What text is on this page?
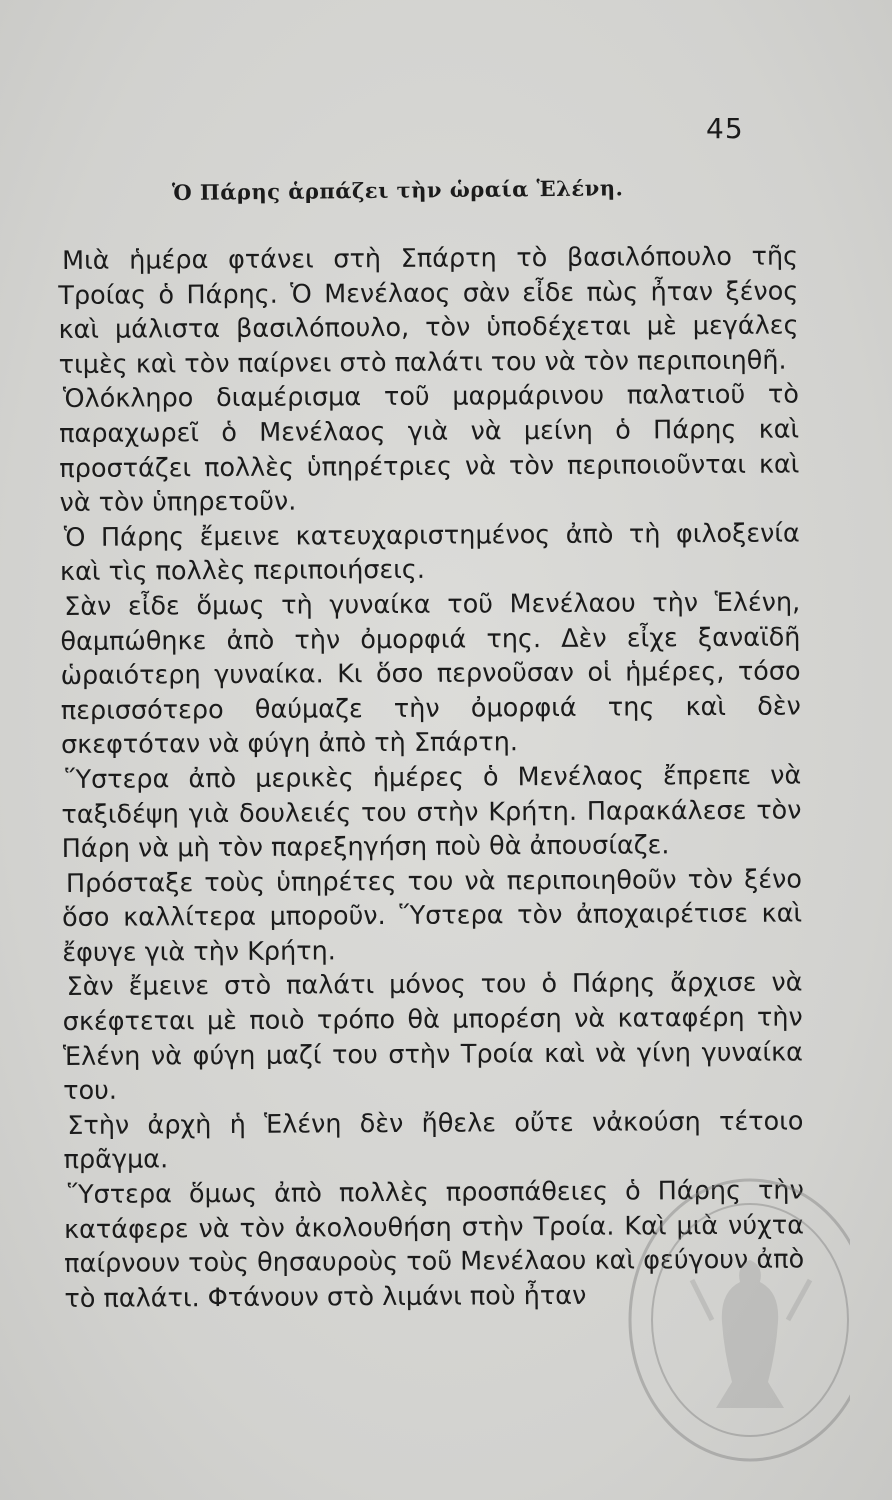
45
Ὁ Πάρης ἁρπάζει τὴν ὡραία Ἑλένη.

Μιὰ ἡμέρα φτάνει στὴ Σπάρτη τὸ βασιλόπουλο τῆς Τροίας ὁ Πάρης. Ὁ Μενέλαος σὰν εἶδε πὼς ἦταν ξένος καὶ μάλιστα βασιλόπουλο, τὸν ὑποδέχεται μὲ μεγάλες τιμὲς καὶ τὸν παίρνει στὸ παλάτι του νὰ τὸν περιποιηθῆ.

Ὁλόκληρο διαμέρισμα τοῦ μαρμάρινου παλατιοῦ τὸ παραχωρεῖ ὁ Μενέλαος γιὰ νὰ μείνη ὁ Πάρης καὶ προστάζει πολλὲς ὑπηρέτριες νὰ τὸν περιποιοῦνται καὶ νὰ τὸν ὑπηρετοῦν.

Ὁ Πάρης ἔμεινε κατευχαριστημένος ἀπὸ τὴ φιλοξενία καὶ τὶς πολλὲς περιποιήσεις.

Σὰν εἶδε ὅμως τὴ γυναίκα τοῦ Μενέλαου τὴν Ἑλένη, θαμπώθηκε ἀπὸ τὴν ὀμορφιά της. Δὲν εἶχε ξαναϊδῆ ὡραιότερη γυναίκα. Κι ὅσο περνοῦσαν οἱ ἡμέρες, τόσο περισσότερο θαύμαζε τὴν ὀμορφιά της καὶ δὲν σκεφτόταν νὰ φύγη ἀπὸ τὴ Σπάρτη.

Ὕστερα ἀπὸ μερικὲς ἡμέρες ὁ Μενέλαος ἔπρεπε νὰ ταξιδέψη γιὰ δουλειές του στὴν Κρήτη. Παρακάλεσε τὸν Πάρη νὰ μὴ τὸν παρεξηγήση ποὺ θὰ ἀπουσίαζε.

Πρόσταξε τοὺς ὑπηρέτες του νὰ περιποιηθοῦν τὸν ξένο ὅσο καλλίτερα μποροῦν. Ὕστερα τὸν ἀποχαιρέτισε καὶ ἔφυγε γιὰ τὴν Κρήτη.

Σὰν ἔμεινε στὸ παλάτι μόνος του ὁ Πάρης ἄρχισε νὰ σκέφτεται μὲ ποιὸ τρόπο θὰ μπορέση νὰ καταφέρη τὴν Ἑλένη νὰ φύγη μαζί του στὴν Τροία καὶ νὰ γίνη γυναίκα του.

Στὴν ἀρχὴ ἡ Ἑλένη δὲν ἤθελε οὔτε νἀκούση τέτοιο πρᾶγμα.

Ὕστερα ὅμως ἀπὸ πολλὲς προσπάθειες ὁ Πάρης τὴν κατάφερε νὰ τὸν ἀκολουθήση στὴν Τροία. Καὶ μιὰ νύχτα παίρνουν τοὺς θησαυροὺς τοῦ Μενέλαου καὶ φεύγουν ἀπὸ τὸ παλάτι. Φτάνουν στὸ λιμάνι ποὺ ἦταν
